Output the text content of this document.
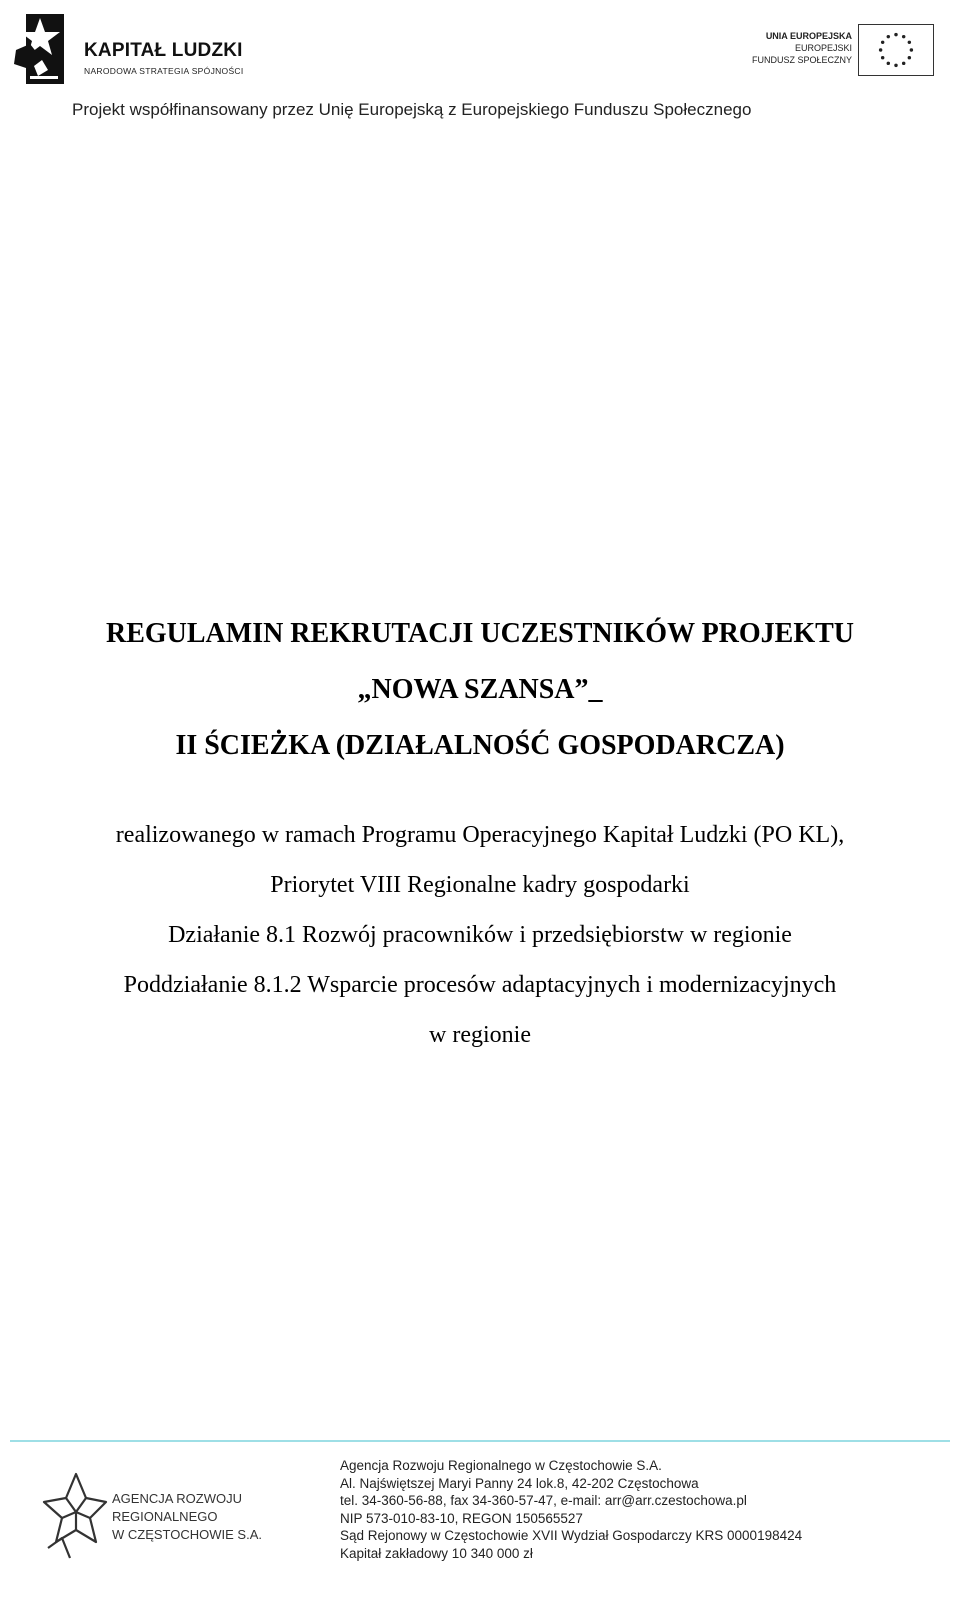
KAPITAŁ LUDZKI
NARODOWA STRATEGIA SPÓJNOŚCI
UNIA EUROPEJSKA
EUROPEJSKI
FUNDUSZ SPOŁECZNY
Projekt współfinansowany przez Unię Europejską z Europejskiego Funduszu Społecznego
REGULAMIN REKRUTACJI UCZESTNIKÓW PROJEKTU
„NOWA SZANSA”_
II ŚCIEŻKA (DZIAŁALNOŚĆ GOSPODARCZA)
realizowanego w ramach Programu Operacyjnego Kapitał Ludzki (PO KL),
Priorytet VIII Regionalne kadry gospodarki
Działanie 8.1 Rozwój pracowników i przedsiębiorstw w regionie
Poddziałanie 8.1.2 Wsparcie procesów adaptacyjnych i modernizacyjnych
w regionie
AGENCJA ROZWOJU
REGIONALNEGO
W CZĘSTOCHOWIE S.A.
Agencja Rozwoju Regionalnego w Częstochowie S.A.
Al. Najświętszej Maryi Panny 24 lok.8, 42-202 Częstochowa
tel. 34-360-56-88, fax 34-360-57-47, e-mail: arr@arr.czestochowa.pl
NIP 573-010-83-10, REGON 150565527
Sąd Rejonowy w Częstochowie XVII Wydział Gospodarczy KRS 0000198424
Kapitał zakładowy 10 340 000 zł
